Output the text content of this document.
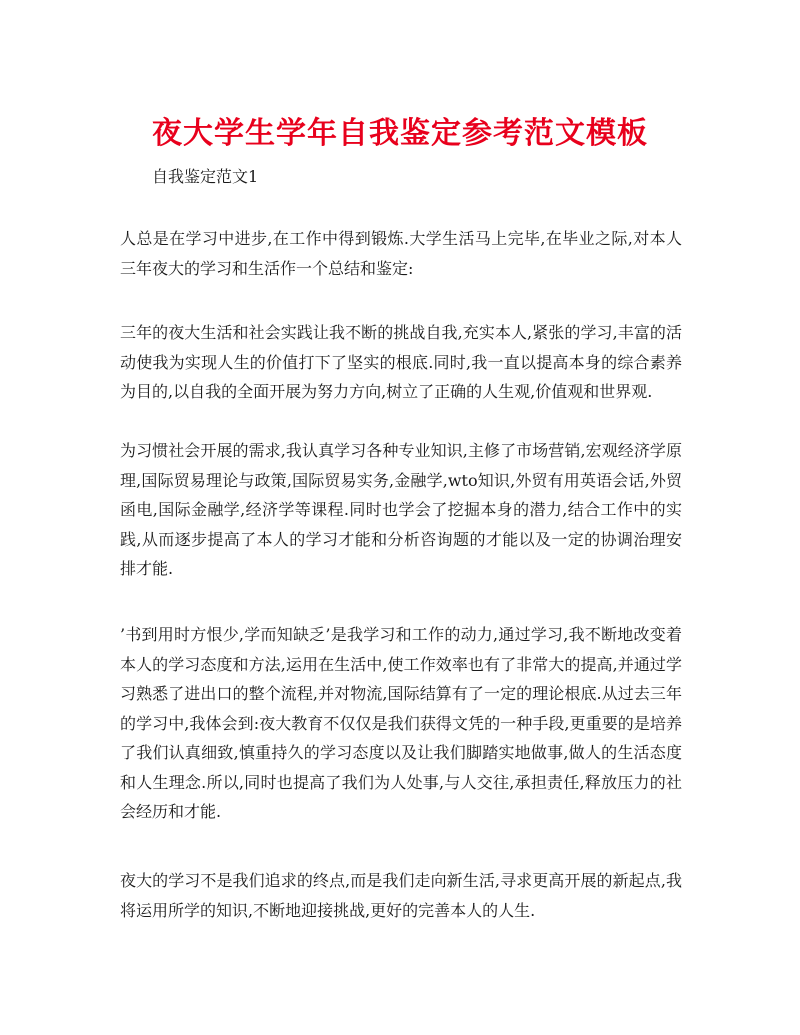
夜大学生学年自我鉴定参考范文模板

自我鉴定范文1

人总是在学习中进步,在工作中得到锻炼.大学生活马上完毕,在毕业之际,对本人三年夜大的学习和生活作一个总结和鉴定:

三年的夜大生活和社会实践让我不断的挑战自我,充实本人,紧张的学习,丰富的活动使我为实现人生的价值打下了坚实的根底.同时,我一直以提高本身的综合素养为目的,以自我的全面开展为努力方向,树立了正确的人生观,价值观和世界观.

为习惯社会开展的需求,我认真学习各种专业知识,主修了市场营销,宏观经济学原理,国际贸易理论与政策,国际贸易实务,金融学,wto知识,外贸有用英语会话,外贸函电,国际金融学,经济学等课程.同时也学会了挖掘本身的潜力,结合工作中的实践,从而逐步提高了本人的学习才能和分析咨询题的才能以及一定的协调治理安排才能.

’书到用时方恨少,学而知缺乏’是我学习和工作的动力,通过学习,我不断地改变着本人的学习态度和方法,运用在生活中,使工作效率也有了非常大的提高,并通过学习熟悉了进出口的整个流程,并对物流,国际结算有了一定的理论根底.从过去三年的学习中,我体会到:夜大教育不仅仅是我们获得文凭的一种手段,更重要的是培养了我们认真细致,慎重持久的学习态度以及让我们脚踏实地做事,做人的生活态度和人生理念.所以,同时也提高了我们为人处事,与人交往,承担责任,释放压力的社会经历和才能.

夜大的学习不是我们追求的终点,而是我们走向新生活,寻求更高开展的新起点,我将运用所学的知识,不断地迎接挑战,更好的完善本人的人生.
